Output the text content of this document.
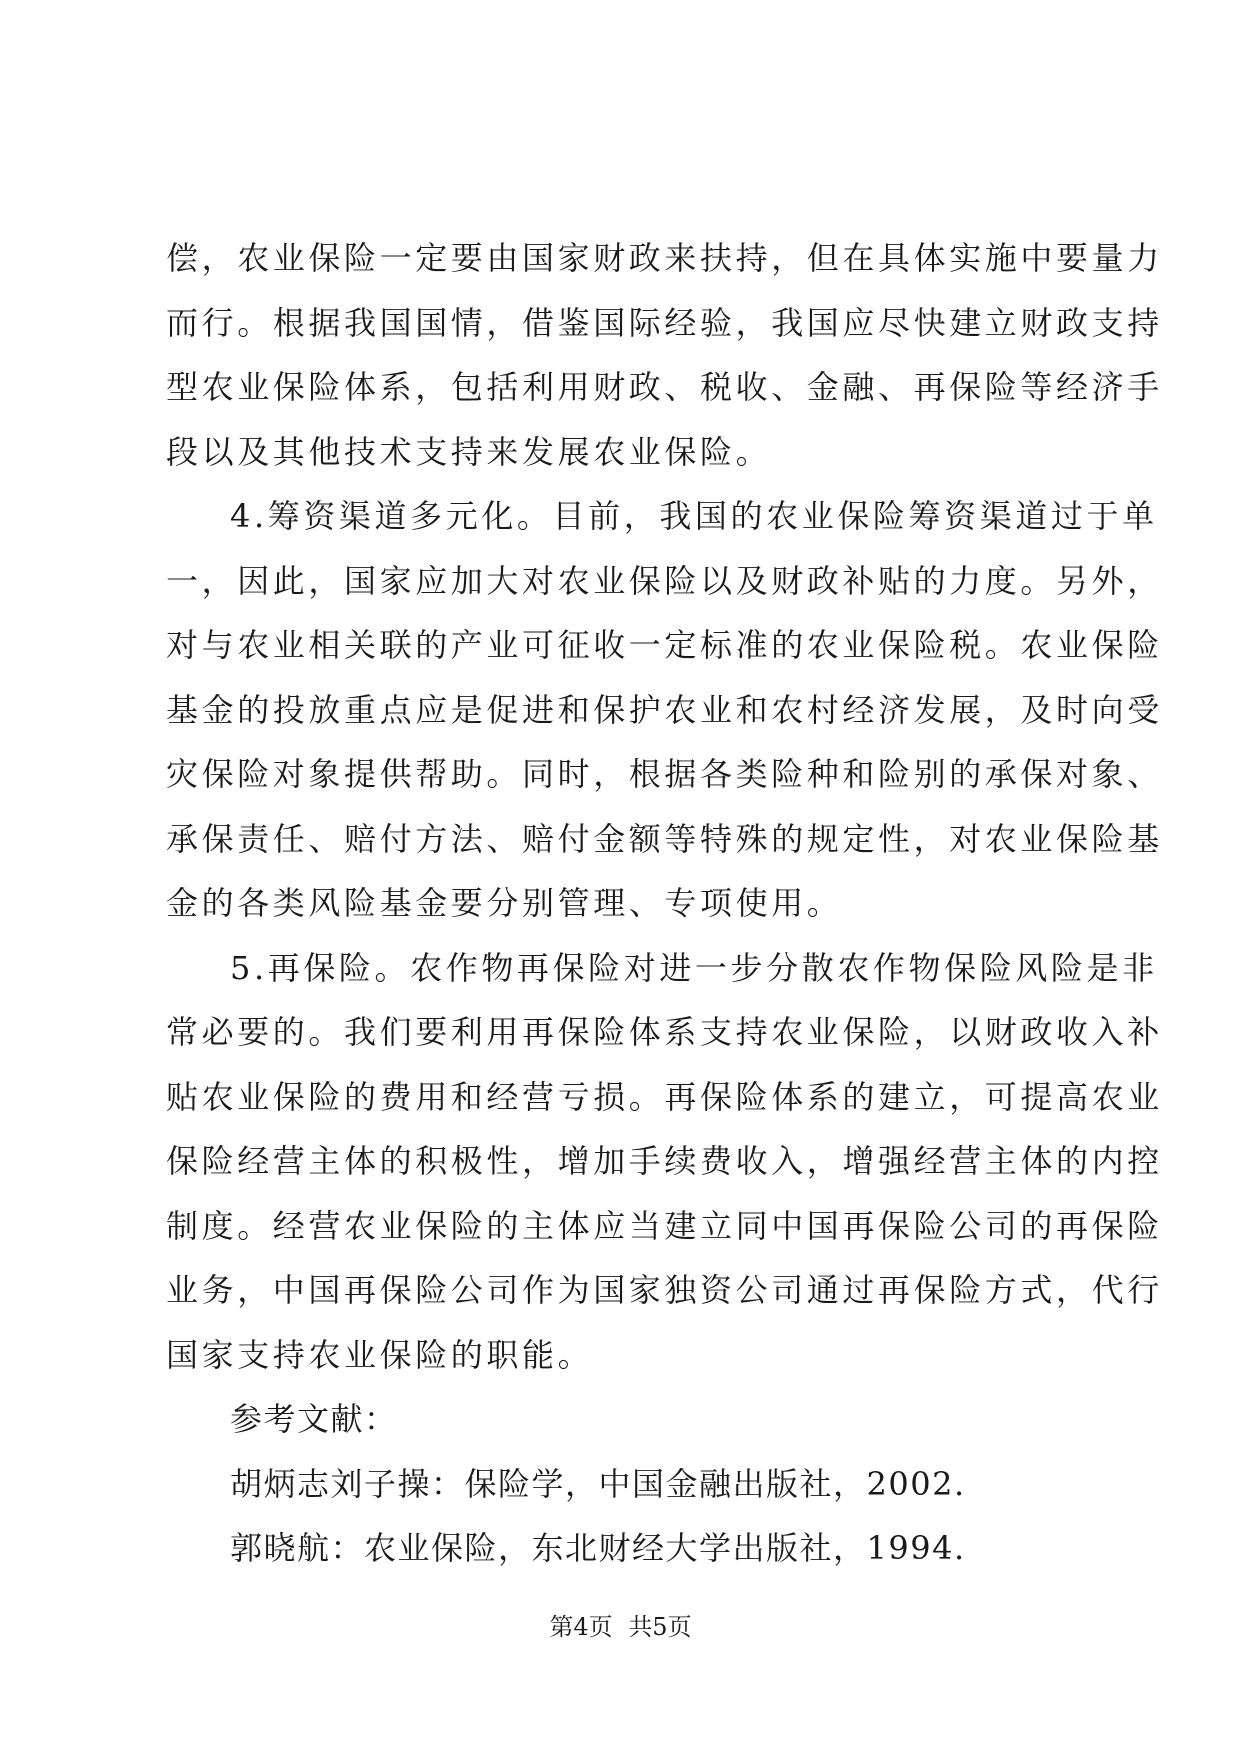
偿，农业保险一定要由国家财政来扶持，但在具体实施中要量力
而行。根据我国国情，借鉴国际经验，我国应尽快建立财政支持
型农业保险体系，包括利用财政、税收、金融、再保险等经济手
段以及其他技术支持来发展农业保险。
4.筹资渠道多元化。目前，我国的农业保险筹资渠道过于单
一，因此，国家应加大对农业保险以及财政补贴的力度。另外，
对与农业相关联的产业可征收一定标准的农业保险税。农业保险
基金的投放重点应是促进和保护农业和农村经济发展，及时向受
灾保险对象提供帮助。同时，根据各类险种和险别的承保对象、
承保责任、赔付方法、赔付金额等特殊的规定性，对农业保险基
金的各类风险基金要分别管理、专项使用。
5.再保险。农作物再保险对进一步分散农作物保险风险是非
常必要的。我们要利用再保险体系支持农业保险，以财政收入补
贴农业保险的费用和经营亏损。再保险体系的建立，可提高农业
保险经营主体的积极性，增加手续费收入，增强经营主体的内控
制度。经营农业保险的主体应当建立同中国再保险公司的再保险
业务，中国再保险公司作为国家独资公司通过再保险方式，代行
国家支持农业保险的职能。
参考文献：
胡炳志刘子操：保险学，中国金融出版社，2002.
郭晓航：农业保险，东北财经大学出版社，1994.
第4页 共5页
